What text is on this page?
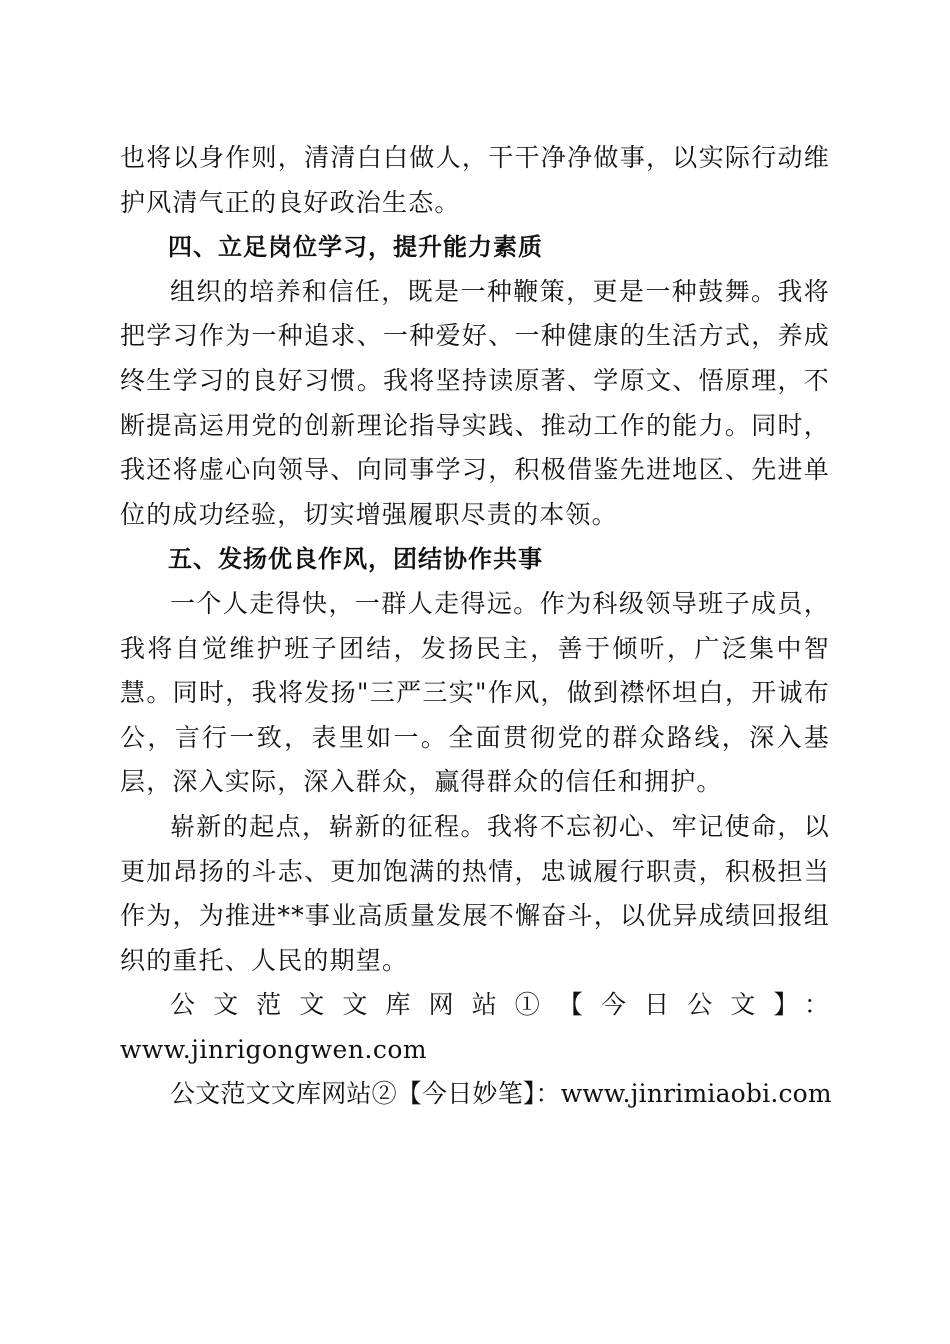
也将以身作则，清清白白做人，干干净净做事，以实际行动维护风清气正的良好政治生态。

四、立足岗位学习，提升能力素质

组织的培养和信任，既是一种鞭策，更是一种鼓舞。我将把学习作为一种追求、一种爱好、一种健康的生活方式，养成终生学习的良好习惯。我将坚持读原著、学原文、悟原理，不断提高运用党的创新理论指导实践、推动工作的能力。同时，我还将虚心向领导、向同事学习，积极借鉴先进地区、先进单位的成功经验，切实增强履职尽责的本领。

五、发扬优良作风，团结协作共事

一个人走得快，一群人走得远。作为科级领导班子成员，我将自觉维护班子团结，发扬民主，善于倾听，广泛集中智慧。同时，我将发扬"三严三实"作风，做到襟怀坦白，开诚布公，言行一致，表里如一。全面贯彻党的群众路线，深入基层，深入实际，深入群众，赢得群众的信任和拥护。

崭新的起点，崭新的征程。我将不忘初心、牢记使命，以更加昂扬的斗志、更加饱满的热情，忠诚履行职责，积极担当作为，为推进**事业高质量发展不懈奋斗，以优异成绩回报组织的重托、人民的期望。

公文范文文库网站①【今日公文】：

www.jinrigongwen.com

公文范文文库网站②【今日妙笔】：www.jinrimiaobi.com
